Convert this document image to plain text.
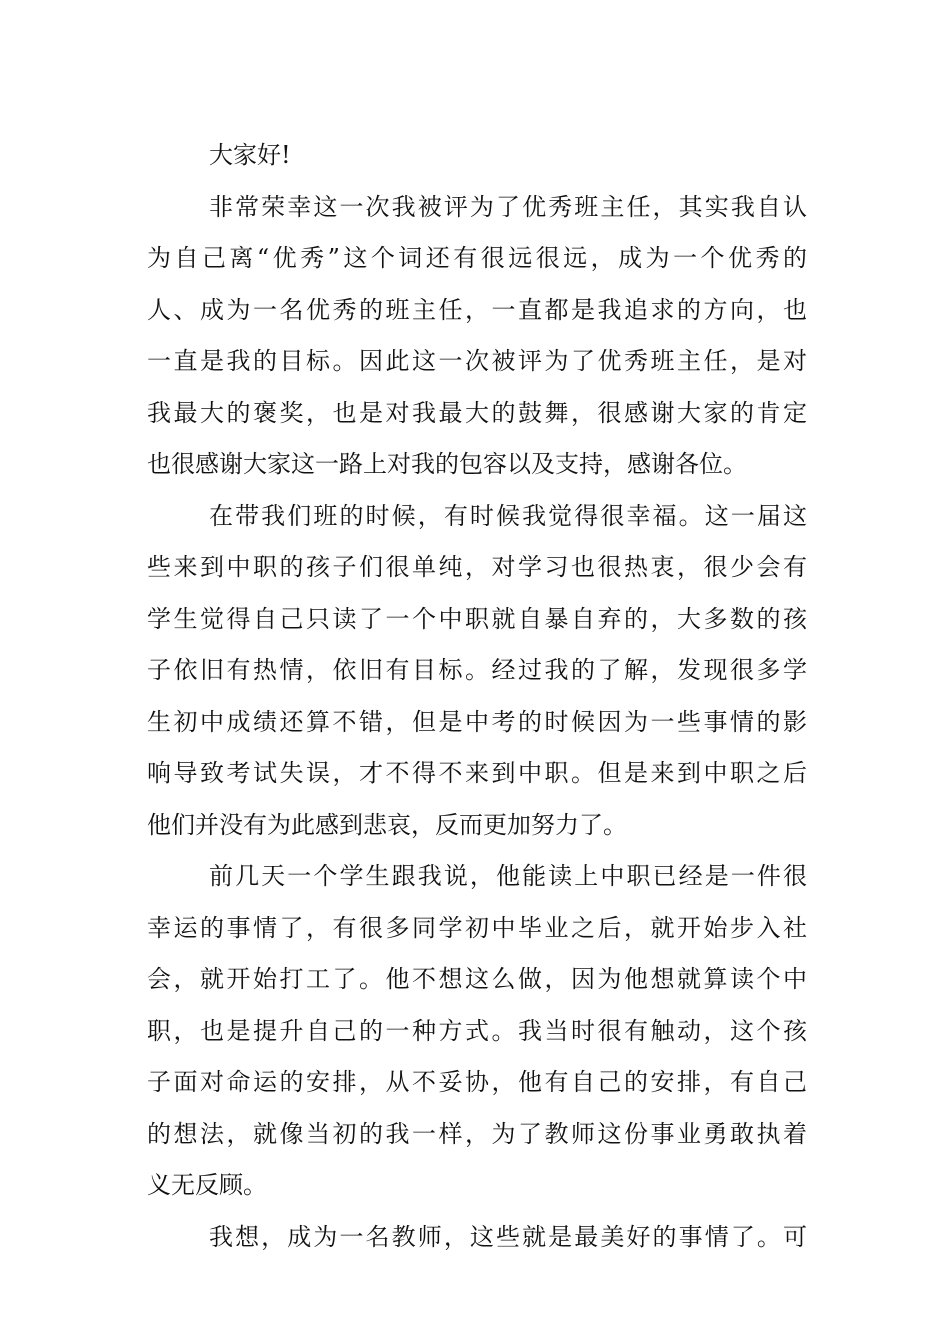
大家好!
非常荣幸这一次我被评为了优秀班主任，其实我自认
为自己离“优秀”这个词还有很远很远，成为一个优秀的
人、成为一名优秀的班主任，一直都是我追求的方向，也
一直是我的目标。因此这一次被评为了优秀班主任，是对
我最大的褒奖，也是对我最大的鼓舞，很感谢大家的肯定
也很感谢大家这一路上对我的包容以及支持，感谢各位。
在带我们班的时候，有时候我觉得很幸福。这一届这
些来到中职的孩子们很单纯，对学习也很热衷，很少会有
学生觉得自己只读了一个中职就自暴自弃的，大多数的孩
子依旧有热情，依旧有目标。经过我的了解，发现很多学
生初中成绩还算不错，但是中考的时候因为一些事情的影
响导致考试失误，才不得不来到中职。但是来到中职之后
他们并没有为此感到悲哀，反而更加努力了。
前几天一个学生跟我说，他能读上中职已经是一件很
幸运的事情了，有很多同学初中毕业之后，就开始步入社
会，就开始打工了。他不想这么做，因为他想就算读个中
职，也是提升自己的一种方式。我当时很有触动，这个孩
子面对命运的安排，从不妥协，他有自己的安排，有自己
的想法，就像当初的我一样，为了教师这份事业勇敢执着
义无反顾。
我想，成为一名教师，这些就是最美好的事情了。可
